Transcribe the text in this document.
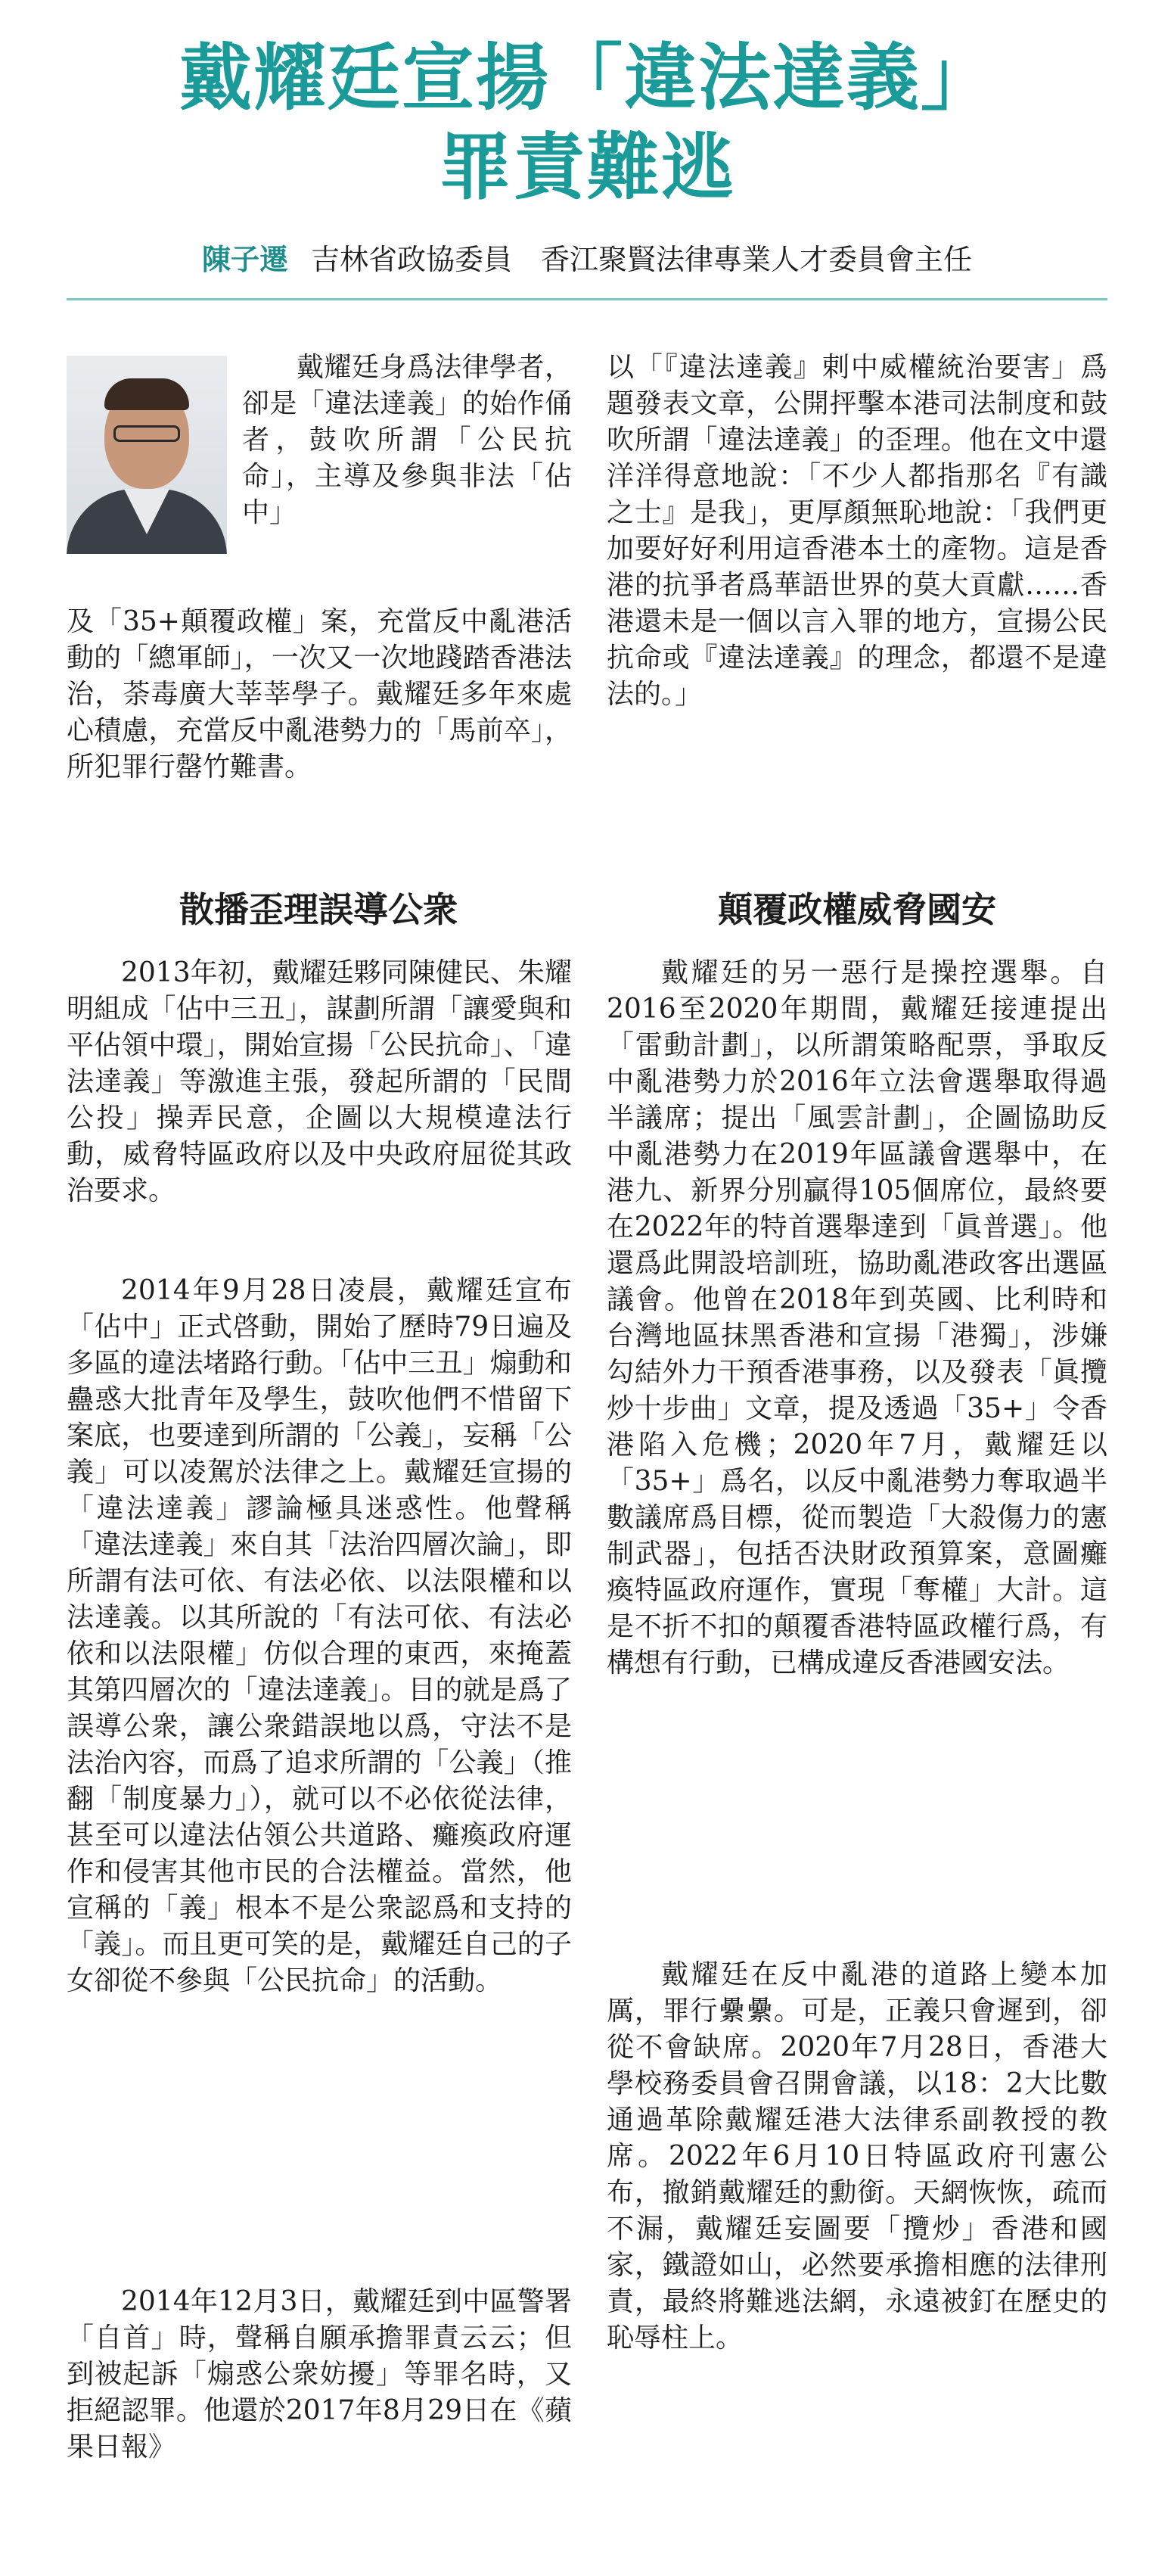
戴耀廷宣揚「違法達義」
罪責難逃
陳子遷 吉林省政協委員　香江聚賢法律專業人才委員會主任

戴耀廷身爲法律學者，卻是「違法達義」的始作俑者，鼓吹所謂「公民抗命」，主導及參與非法「佔中」

及「35+顛覆政權」案，充當反中亂港活動的「總軍師」，一次又一次地踐踏香港法治，荼毒廣大莘莘學子。戴耀廷多年來處心積慮，充當反中亂港勢力的「馬前卒」，所犯罪行罄竹難書。

以「『違法達義』剌中威權統治要害」爲題發表文章，公開抨擊本港司法制度和鼓吹所謂「違法達義」的歪理。他在文中還洋洋得意地說：「不少人都指那名『有識之士』是我」，更厚顏無恥地說：「我們更加要好好利用這香港本土的產物。這是香港的抗爭者爲華語世界的莫大貢獻……香港還未是一個以言入罪的地方，宣揚公民抗命或『違法達義』的理念，都還不是違法的。」

散播歪理誤導公衆	顛覆政權威脅國安

2013年初，戴耀廷夥同陳健民、朱耀明組成「佔中三丑」，謀劃所謂「讓愛與和平佔領中環」，開始宣揚「公民抗命」、「違法達義」等激進主張，發起所謂的「民間公投」操弄民意，企圖以大規模違法行動，威脅特區政府以及中央政府屈從其政治要求。

2014年9月28日凌晨，戴耀廷宣布「佔中」正式啓動，開始了歷時79日遍及多區的違法堵路行動。「佔中三丑」煽動和蠱惑大批青年及學生，鼓吹他們不惜留下案底，也要達到所謂的「公義」，妄稱「公義」可以凌駕於法律之上。戴耀廷宣揚的「違法達義」謬論極具迷惑性。他聲稱「違法達義」來自其「法治四層次論」，即所謂有法可依、有法必依、以法限權和以法達義。以其所說的「有法可依、有法必依和以法限權」仿似合理的東西，來掩蓋其第四層次的「違法達義」。目的就是爲了誤導公衆，讓公衆錯誤地以爲，守法不是法治內容，而爲了追求所謂的「公義」（推翻「制度暴力」），就可以不必依從法律，甚至可以違法佔領公共道路、癱瘓政府運作和侵害其他市民的合法權益。當然，他宣稱的「義」根本不是公衆認爲和支持的「義」。而且更可笑的是，戴耀廷自己的子女卻從不參與「公民抗命」的活動。

2014年12月3日，戴耀廷到中區警署「自首」時，聲稱自願承擔罪責云云；但到被起訴「煽惑公衆妨擾」等罪名時，又拒絕認罪。他還於2017年8月29日在《蘋果日報》

戴耀廷的另一惡行是操控選舉。自2016至2020年期間，戴耀廷接連提出「雷動計劃」，以所謂策略配票，爭取反中亂港勢力於2016年立法會選舉取得過半議席；提出「風雲計劃」，企圖協助反中亂港勢力在2019年區議會選舉中，在港九、新界分別贏得105個席位，最終要在2022年的特首選舉達到「眞普選」。他還爲此開設培訓班，協助亂港政客出選區議會。他曾在2018年到英國、比利時和台灣地區抹黑香港和宣揚「港獨」，涉嫌勾結外力干預香港事務，以及發表「眞攬炒十步曲」文章，提及透過「35+」令香港陷入危機；2020年7月，戴耀廷以「35+」爲名，以反中亂港勢力奪取過半數議席爲目標，從而製造「大殺傷力的憲制武器」，包括否決財政預算案，意圖癱瘓特區政府運作，實現「奪權」大計。這是不折不扣的顛覆香港特區政權行爲，有構想有行動，已構成違反香港國安法。

戴耀廷在反中亂港的道路上變本加厲，罪行纍纍。可是，正義只會遲到，卻從不會缺席。2020年7月28日，香港大學校務委員會召開會議，以18：2大比數通過革除戴耀廷港大法律系副教授的教席。2022年6月10日特區政府刊憲公布，撤銷戴耀廷的勳銜。天網恢恢，疏而不漏，戴耀廷妄圖要「攬炒」香港和國家，鐵證如山，必然要承擔相應的法律刑責，最終將難逃法網，永遠被釘在歷史的恥辱柱上。
